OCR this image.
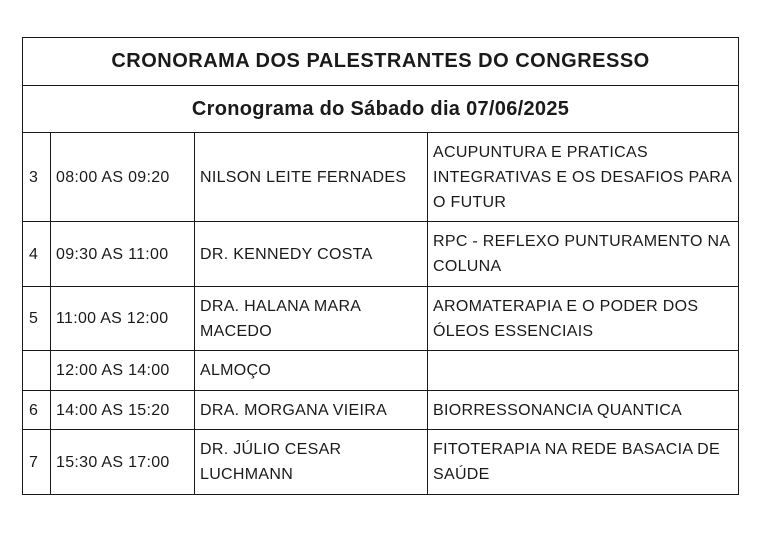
CRONORAMA DOS PALESTRANTES DO CONGRESSO			
Cronograma do Sábado dia 07/06/2025			
3	08:00 AS 09:20	NILSON LEITE FERNADES	ACUPUNTURA E PRATICAS INTEGRATIVAS E OS DESAFIOS PARA O FUTUR
4	09:30 AS 11:00	DR. KENNEDY COSTA	RPC - REFLEXO PUNTURAMENTO NA COLUNA
5	11:00 AS 12:00	DRA. HALANA MARA MACEDO	AROMATERAPIA E O PODER DOS ÓLEOS ESSENCIAIS
	12:00 AS 14:00	ALMOÇO	
6	14:00 AS 15:20	DRA. MORGANA VIEIRA	BIORRESSONANCIA QUANTICA
7	15:30 AS 17:00	DR. JÚLIO CESAR LUCHMANN	FITOTERAPIA NA REDE BASACIA DE SAÚDE
